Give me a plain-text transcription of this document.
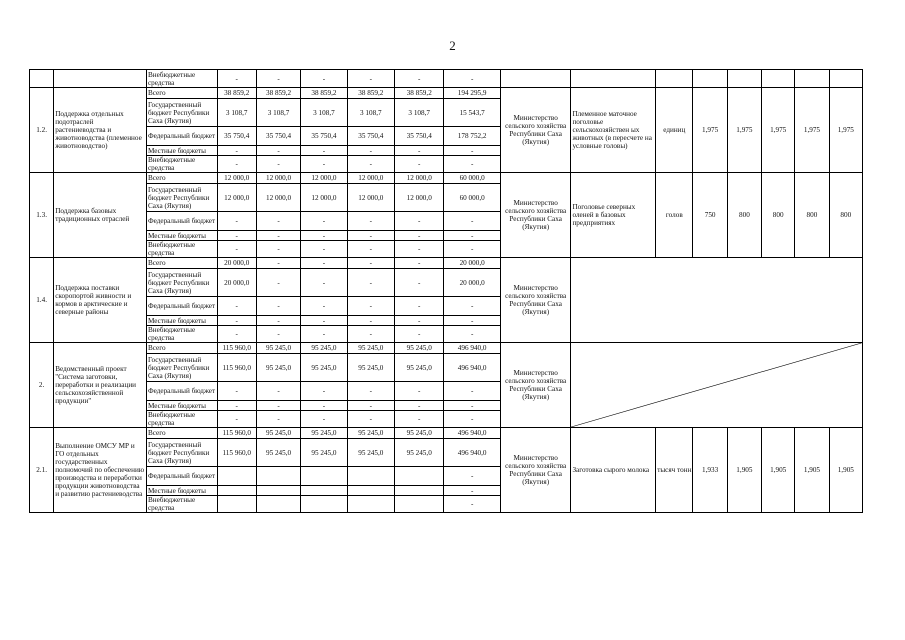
2
		Внебюджетные средства	-	-	-	-	-	-								
1.2.	Поддержка отдельных подотраслей растениеводства и животноводства (племенное животноводство)	Всего	38 859,2	38 859,2	38 859,2	38 859,2	38 859,2	194 295,9	Министерство сельского хозяйства Республики Саха (Якутия)	Племенное маточное поголовье сельскохозяйствен ых животных (в пересчете на условные головы)	единиц	1,975	1,975	1,975	1,975	1,975
		Государственный бюджет Республики Саха (Якутия)	3 108,7	3 108,7	3 108,7	3 108,7	3 108,7	15 543,7								
		Федеральный бюджет	35 750,4	35 750,4	35 750,4	35 750,4	35 750,4	178 752,2								
		Местные бюджеты	-	-	-	-	-	-								
		Внебюджетные средства	-	-	-	-	-	-								
1.3.	Поддержка базовых традиционных отраслей	Всего	12 000,0	12 000,0	12 000,0	12 000,0	12 000,0	60 000,0	Министерство сельского хозяйства Республики Саха (Якутия)	Поголовье северных оленей в базовых предприятиях	голов	750	800	800	800	800
		Государственный бюджет Республики Саха (Якутия)	12 000,0	12 000,0	12 000,0	12 000,0	12 000,0	60 000,0								
		Федеральный бюджет	-	-	-	-	-	-								
		Местные бюджеты	-	-	-	-	-	-								
		Внебюджетные средства	-	-	-	-	-	-								
1.4.	Поддержка поставки скоропортой живности и кормов в арктические и северные районы	Всего	20 000,0	-	-	-	-	20 000,0	Министерство сельского хозяйства Республики Саха (Якутия)							
		Государственный бюджет Республики Саха (Якутия)	20 000,0	-	-	-	-	20 000,0								
		Федеральный бюджет	-	-	-	-	-	-								
		Местные бюджеты	-	-	-	-	-	-								
		Внебюджетные средства	-	-	-	-	-	-								
2.	Ведомственный проект "Система заготовки, переработки и реализации сельскохозяйственной продукции"	Всего	115 960,0	95 245,0	95 245,0	95 245,0	95 245,0	496 940,0	Министерство сельского хозяйства Республики Саха (Якутия)	

		Государственный бюджет Республики Саха (Якутия)	115 960,0	95 245,0	95 245,0	95 245,0	95 245,0	496 940,0								
		Федеральный бюджет	-	-	-	-	-	-								
		Местные бюджеты	-	-	-	-	-	-								
		Внебюджетные средства	-	-	-	-	-	-								
2.1.	Выполнение ОМСУ МР и ГО отдельных государственных полномочий по обеспечению производства и переработки продукции животноводства и развитию растениеводства	Всего	115 960,0	95 245,0	95 245,0	95 245,0	95 245,0	496 940,0	Министерство сельского хозяйства Республики Саха (Якутия)	Заготовка сырого молока	тысяч тонн	1,933	1,905	1,905	1,905	1,905
		Государственный бюджет Республики Саха (Якутия)	115 960,0	95 245,0	95 245,0	95 245,0	95 245,0	496 940,0								
		Федеральный бюджет						-								
		Местные бюджеты						-								
		Внебюджетные средства						-								
